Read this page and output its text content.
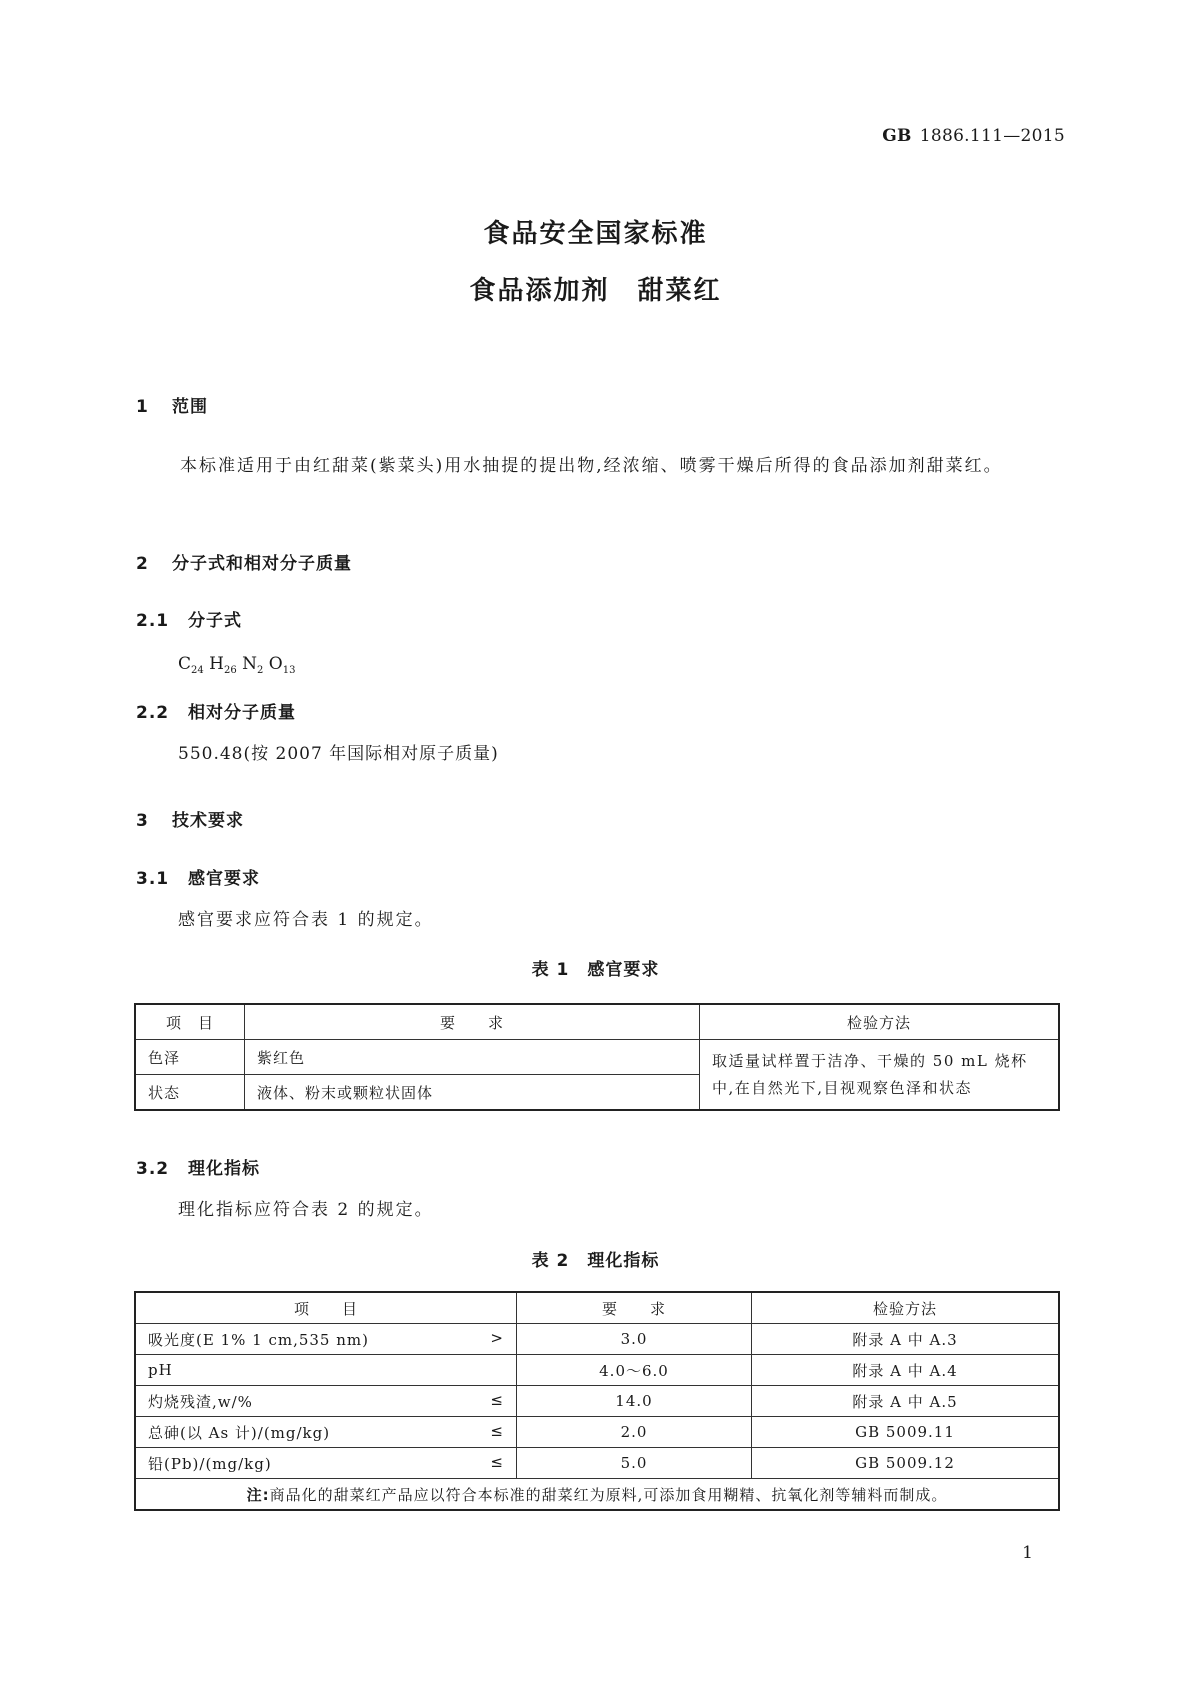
GB 1886.111—2015
食品安全国家标准
食品添加剂　甜菜红
1 范围
本标准适用于由红甜菜(紫菜头)用水抽提的提出物,经浓缩、喷雾干燥后所得的食品添加剂甜菜红。
2 分子式和相对分子质量
2.1 分子式
$C_{24}$ $H_{26}$ $N_2$ $O_{13}$
2.2 相对分子质量
550.48(按 2007 年国际相对原子质量)
3 技术要求
3.1 感官要求
感官要求应符合表 1 的规定。
表 1　感官要求
项　目	要　　求	检验方法
色泽	紫红色	取适量试样置于洁净、干燥的 50 mL 烧杯中,在自然光下,目视观察色泽和状态
状态	液体、粉末或颗粒状固体	
3.2 理化指标
理化指标应符合表 2 的规定。
表 2　理化指标
项　　目	要　　求	检验方法
吸光度(E 1% 1 cm,535 nm) >	3.0	附录 A 中 A.3
pH	4.0～6.0	附录 A 中 A.4
灼烧残渣,w/% ≤	14.0	附录 A 中 A.5
总砷(以 As 计)/(mg/kg) ≤	2.0	GB 5009.11
铅(Pb)/(mg/kg) ≤	5.0	GB 5009.12
注:商品化的甜菜红产品应以符合本标准的甜菜红为原料,可添加食用糊精、抗氧化剂等辅料而制成。		
1
